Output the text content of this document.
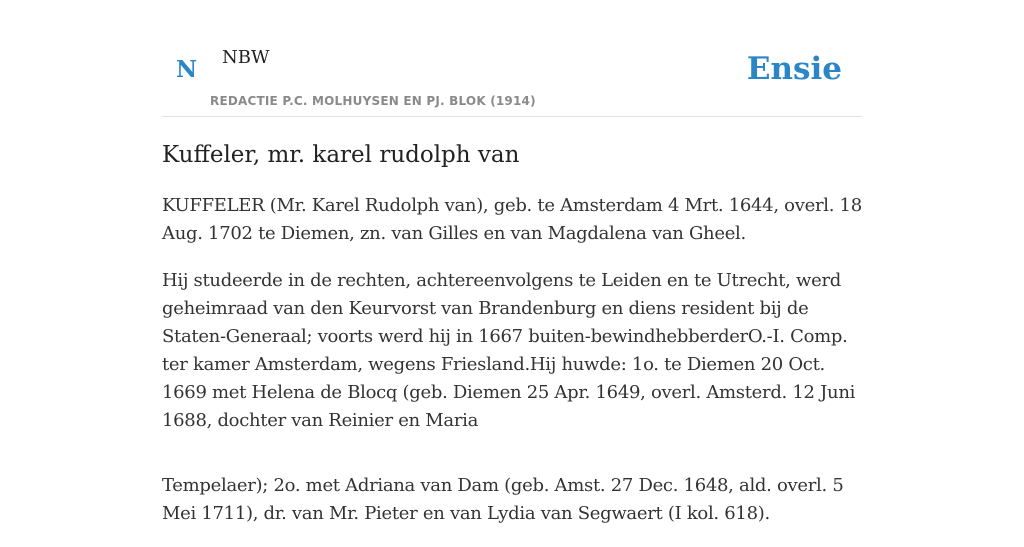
N NBW
REDACTIE P.C. MOLHUYSEN EN PJ. BLOK (1914)
Ensie
Kuffeler, mr. karel rudolph van

KUFFELER (Mr. Karel Rudolph van), geb. te Amsterdam 4 Mrt. 1644, overl. 18 Aug. 1702 te Diemen, zn. van Gilles en van Magdalena van Gheel.

Hij studeerde in de rechten, achtereenvolgens te Leiden en te Utrecht, werd geheimraad van den Keurvorst van Brandenburg en diens resident bij de Staten-Generaal; voorts werd hij in 1667 buiten-bewindhebberderO.-I. Comp. ter kamer Amsterdam, wegens Friesland.Hij huwde: 1o. te Diemen 20 Oct. 1669 met Helena de Blocq (geb. Diemen 25 Apr. 1649, overl. Amsterd. 12 Juni 1688, dochter van Reinier en Maria

Tempelaer); 2o. met Adriana van Dam (geb. Amst. 27 Dec. 1648, ald. overl. 5 Mei 1711), dr. van Mr. Pieter en van Lydia van Segwaert (I kol. 618).
